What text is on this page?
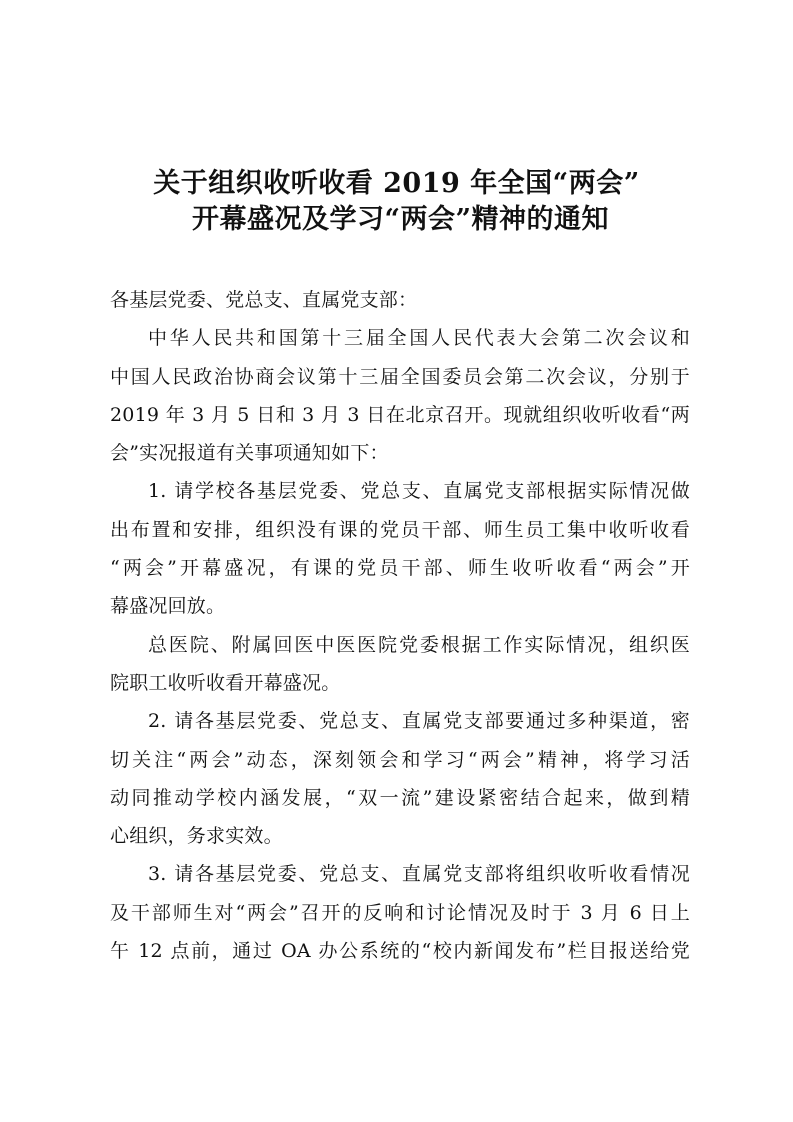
关于组织收听收看 2019 年全国“两会”
开幕盛况及学习“两会”精神的通知
各基层党委、党总支、直属党支部：
中华人民共和国第十三届全国人民代表大会第二次会议和
中国人民政治协商会议第十三届全国委员会第二次会议，分别于
2019 年 3 月 5 日和 3 月 3 日在北京召开。现就组织收听收看“两
会”实况报道有关事项通知如下：
1. 请学校各基层党委、党总支、直属党支部根据实际情况做
出布置和安排，组织没有课的党员干部、师生员工集中收听收看
“两会”开幕盛况，有课的党员干部、师生收听收看“两会”开
幕盛况回放。
总医院、附属回医中医医院党委根据工作实际情况，组织医
院职工收听收看开幕盛况。
2. 请各基层党委、党总支、直属党支部要通过多种渠道，密
切关注“两会”动态，深刻领会和学习“两会”精神，将学习活
动同推动学校内涵发展，“双一流”建设紧密结合起来，做到精
心组织，务求实效。
3. 请各基层党委、党总支、直属党支部将组织收听收看情况
及干部师生对“两会”召开的反响和讨论情况及时于 3 月 6 日上
午 12 点前，通过 OA 办公系统的“校内新闻发布”栏目报送给党
